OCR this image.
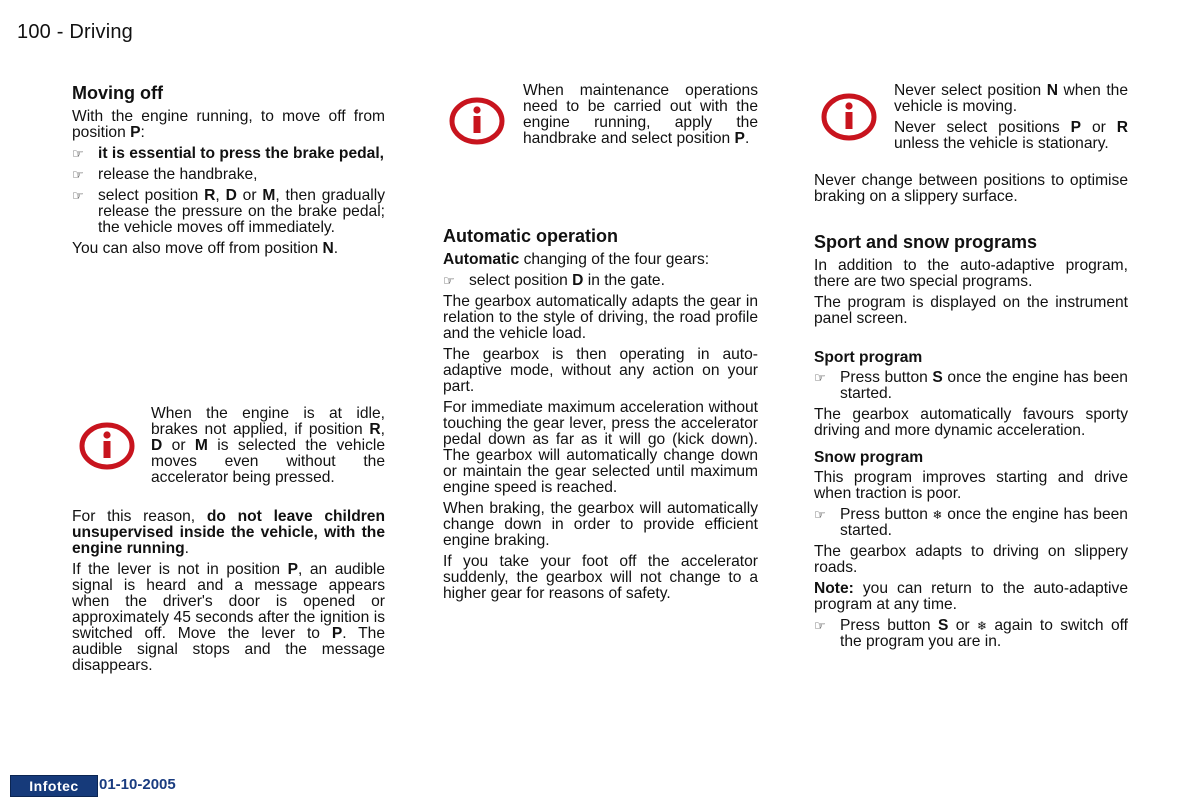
100 - Driving
Moving off

With the engine running, to move off from position P:

☞ it is essential to press the brake pedal,
☞ release the handbrake,
☞ select position R, D or M, then gradually release the pressure on the brake pedal; the vehicle moves off immediately.

You can also move off from position N.

When the engine is at idle, brakes not applied, if position R, D or M is selected the vehicle moves even without the accelerator being pressed.

For this reason, do not leave children unsupervised inside the vehicle, with the engine running.

If the lever is not in position P, an audible signal is heard and a message appears when the driver's door is opened or approximately 45 seconds after the ignition is switched off. Move the lever to P. The audible signal stops and the message disappears.

When maintenance operations need to be carried out with the engine running, apply the handbrake and select position P.

Automatic operation

Automatic changing of the four gears:

☞ select position D in the gate.

The gearbox automatically adapts the gear in relation to the style of driving, the road profile and the vehicle load.

The gearbox is then operating in auto-adaptive mode, without any action on your part.

For immediate maximum acceleration without touching the gear lever, press the accelerator pedal down as far as it will go (kick down). The gearbox will automatically change down or maintain the gear selected until maximum engine speed is reached.

When braking, the gearbox will automatically change down in order to provide efficient engine braking.

If you take your foot off the accelerator suddenly, the gearbox will not change to a higher gear for reasons of safety.

Never select position N when the vehicle is moving.

Never select positions P or R unless the vehicle is stationary.

Never change between positions to optimise braking on a slippery surface.

Sport and snow programs

In addition to the auto-adaptive program, there are two special programs.

The program is displayed on the instrument panel screen.

Sport program
☞ Press button S once the engine has been started.

The gearbox automatically favours sporty driving and more dynamic acceleration.

Snow program

This program improves starting and drive when traction is poor.

☞ Press button ❄ once the engine has been started.

The gearbox adapts to driving on slippery roads.

Note: you can return to the auto-adaptive program at any time.

☞ Press button S or ❄ again to switch off the program you are in.
Infotec	01-10-2005
